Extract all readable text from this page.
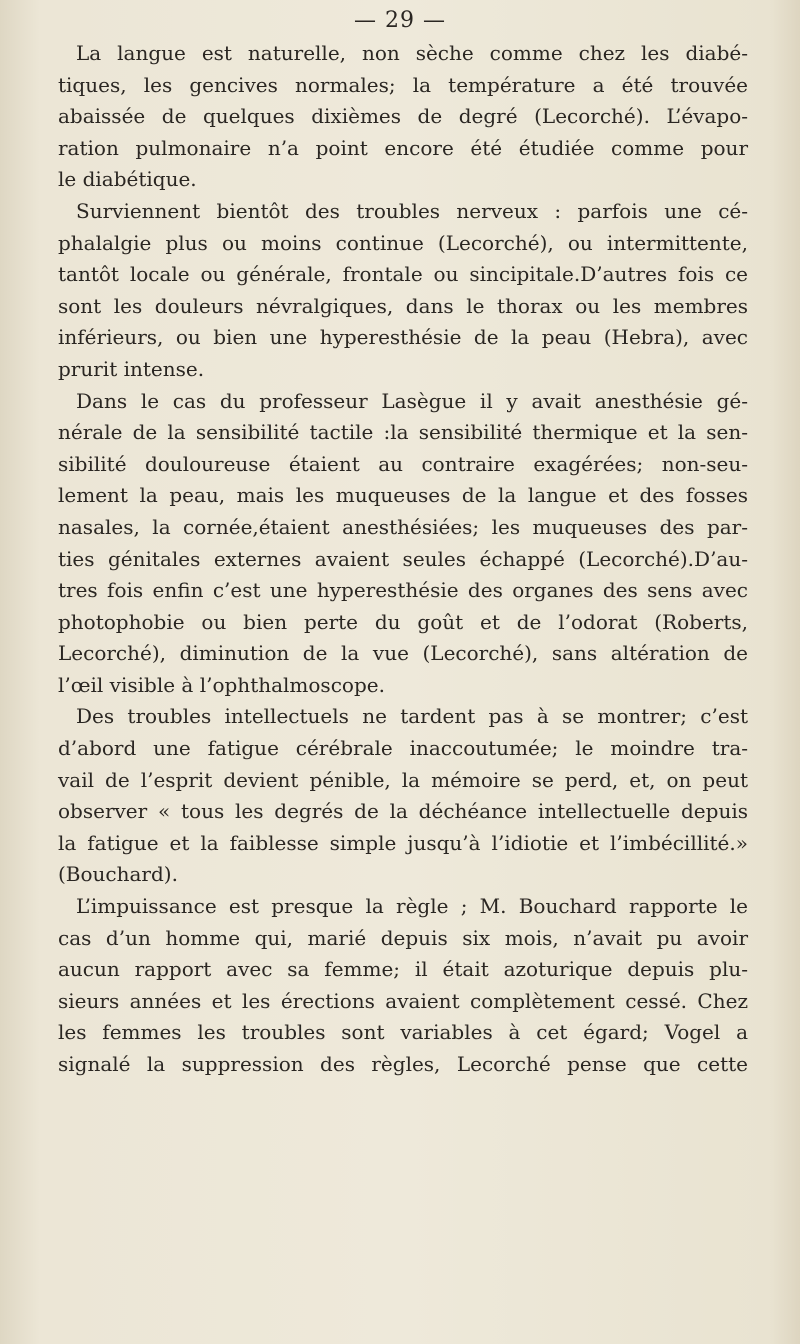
— 29 —
La langue est naturelle, non sèche comme chez les diabé-
tiques, les gencives normales; la température a été trouvée
abaissée de quelques dixièmes de degré (Lecorché). L’évapo-
ration pulmonaire n’a point encore été étudiée comme pour
le diabétique.
Surviennent bientôt des troubles nerveux : parfois une cé-
phalalgie plus ou moins continue (Lecorché), ou intermittente,
tantôt locale ou générale, frontale ou sincipitale.D’autres fois ce
sont les douleurs névralgiques, dans le thorax ou les membres
inférieurs, ou bien une hyperesthésie de la peau (Hebra), avec
prurit intense.
Dans le cas du professeur Lasègue il y avait anesthésie gé-
nérale de la sensibilité tactile :la sensibilité thermique et la sen-
sibilité douloureuse étaient au contraire exagérées; non-seu-
lement la peau, mais les muqueuses de la langue et des fosses
nasales, la cornée,étaient anesthésiées; les muqueuses des par-
ties génitales externes avaient seules échappé (Lecorché).D’au-
tres fois enfin c’est une hyperesthésie des organes des sens avec
photophobie ou bien perte du goût et de l’odorat (Roberts,
Lecorché), diminution de la vue (Lecorché), sans altération de
l’œil visible à l’ophthalmoscope.
Des troubles intellectuels ne tardent pas à se montrer; c’est
d’abord une fatigue cérébrale inaccoutumée; le moindre tra-
vail de l’esprit devient pénible, la mémoire se perd, et, on peut
observer « tous les degrés de la déchéance intellectuelle depuis
la fatigue et la faiblesse simple jusqu’à l’idiotie et l’imbécillité.»
(Bouchard).
L’impuissance est presque la règle ; M. Bouchard rapporte le
cas d’un homme qui, marié depuis six mois, n’avait pu avoir
aucun rapport avec sa femme; il était azoturique depuis plu-
sieurs années et les érections avaient complètement cessé. Chez
les femmes les troubles sont variables à cet égard; Vogel a
signalé la suppression des règles, Lecorché pense que cette
